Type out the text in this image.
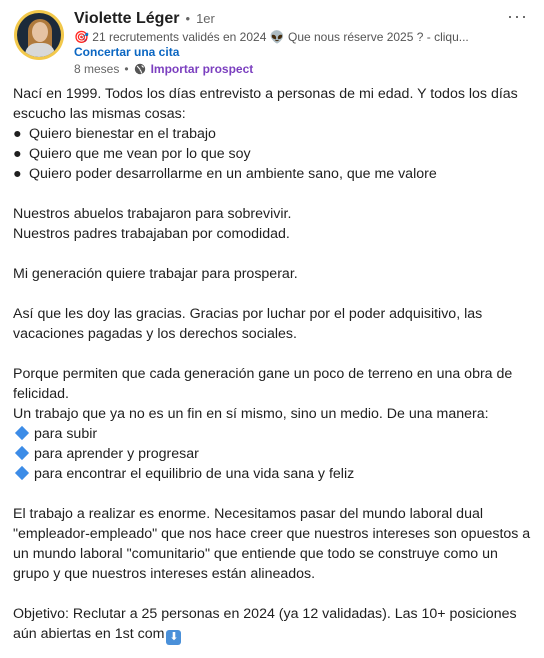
Violette Léger • 1er
🎯 21 recrutements validés en 2024 👽 Que nous réserve 2025 ? - cliqu...
Concertar una cita
8 meses • Importar prospect
···

Nací en 1999. Todos los días entrevisto a personas de mi edad. Y todos los días escucho las mismas cosas:

● Quiero bienestar en el trabajo

● Quiero que me vean por lo que soy

● Quiero poder desarrollarme en un ambiente sano, que me valore

Nuestros abuelos trabajaron para sobrevivir.

Nuestros padres trabajaban por comodidad.

Mi generación quiere trabajar para prosperar.

Así que les doy las gracias. Gracias por luchar por el poder adquisitivo, las vacaciones pagadas y los derechos sociales.

Porque permiten que cada generación gane un poco de terreno en una obra de felicidad.

Un trabajo que ya no es un fin en sí mismo, sino un medio. De una manera:

para subir

para aprender y progresar

para encontrar el equilibrio de una vida sana y feliz

El trabajo a realizar es enorme. Necesitamos pasar del mundo laboral dual "empleador-empleado" que nos hace creer que nuestros intereses son opuestos a un mundo laboral "comunitario" que entiende que todo se construye como un grupo y que nuestros intereses están alineados.

Objetivo: Reclutar a 25 personas en 2024 (ya 12 validadas). Las 10+ posiciones aún abiertas en 1st com ⬇
